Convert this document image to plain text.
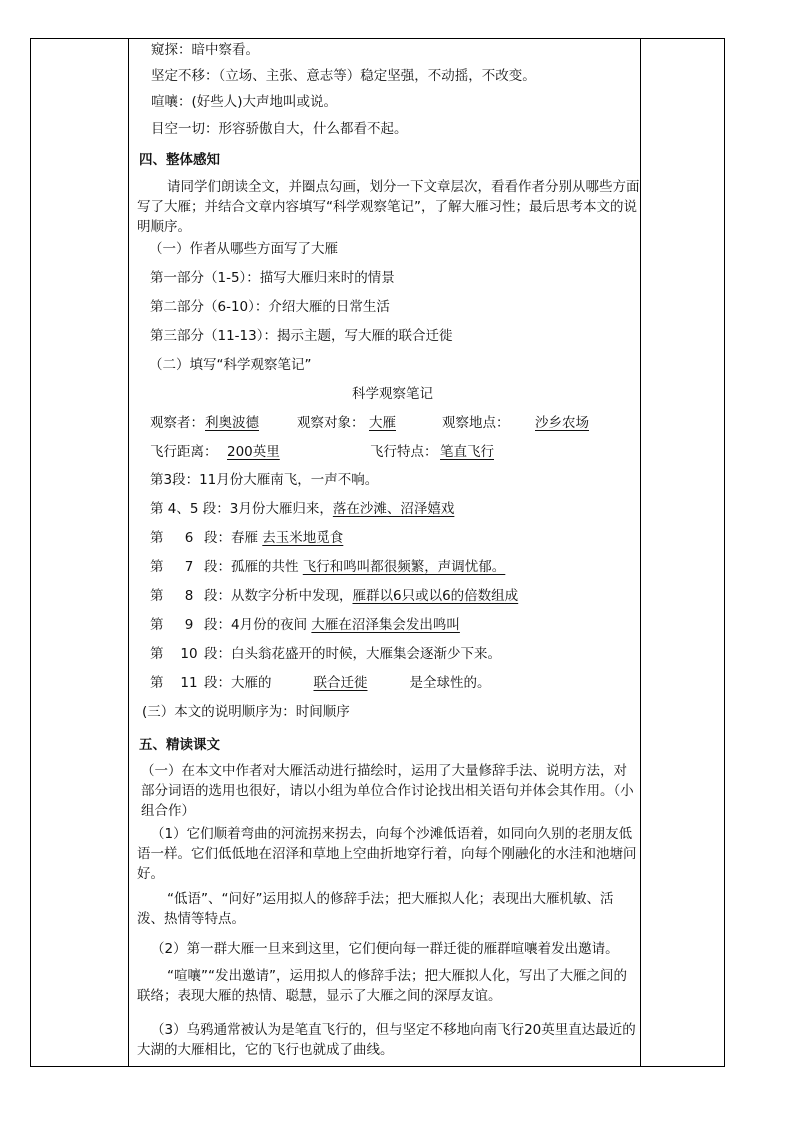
窥探：暗中察看。
坚定不移：（立场、主张、意志等）稳定坚强，不动摇，不改变。
喧嚷：(好些人)大声地叫或说。
目空一切：形容骄傲自大，什么都看不起。
四、整体感知
请同学们朗读全文，并圈点勾画，划分一下文章层次，看看作者分别从哪些方面写了大雁；并结合文章内容填写“科学观察笔记”，了解大雁习性；最后思考本文的说明顺序。
（一）作者从哪些方面写了大雁
第一部分（1-5）：描写大雁归来时的情景
第二部分（6-10）：介绍大雁的日常生活
第三部分（11-13）：揭示主题，写大雁的联合迁徙
（二）填写“科学观察笔记”
科学观察笔记
观察者： 利奥波德	观察对象： 大雁	观察地点： 沙乡农场
飞行距离： 200英里	飞行特点： 笔直飞行
第3段：11月份大雁南飞，一声不响。
第 4、5 段：3月份大雁归来，落在沙滩、沼泽嬉戏
第 6 段：春雁 去玉米地觅食
第 7 段：孤雁的共性 飞行和鸣叫都很频繁，声调忧郁。
第 8 段：从数字分析中发现，雁群以6只或以6的倍数组成
第 9 段：4月份的夜间 大雁在沼泽集会发出鸣叫
第 10 段：白头翁花盛开的时候，大雁集会逐渐少下来。
第 11 段：大雁的	联合迁徙	是全球性的。
(三）本文的说明顺序为：时间顺序
五、精读课文
（一）在本文中作者对大雁活动进行描绘时，运用了大量修辞手法、说明方法，对部分词语的选用也很好，请以小组为单位合作讨论找出相关语句并体会其作用。（小组合作）
（1）它们顺着弯曲的河流拐来拐去，向每个沙滩低语着，如同向久别的老朋友低语一样。它们低低地在沼泽和草地上空曲折地穿行着，向每个刚融化的水洼和池塘问好。
“低语”、“问好”运用拟人的修辞手法；把大雁拟人化；表现出大雁机敏、活泼、热情等特点。
（2）第一群大雁一旦来到这里，它们便向每一群迁徙的雁群喧嚷着发出邀请。
“喧嚷”“发出邀请”，运用拟人的修辞手法；把大雁拟人化，写出了大雁之间的联络；表现大雁的热情、聪慧，显示了大雁之间的深厚友谊。
（3）乌鸦通常被认为是笔直飞行的，但与坚定不移地向南飞行20英里直达最近的大湖的大雁相比，它的飞行也就成了曲线。
